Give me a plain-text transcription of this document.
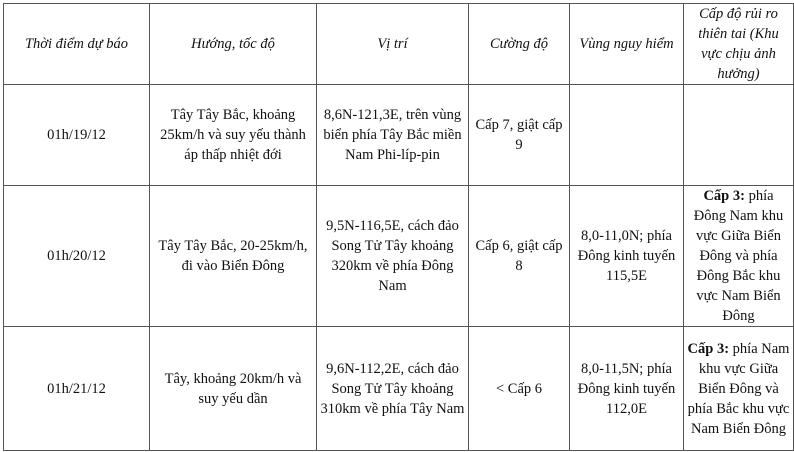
Thời điểm dự báo	Hướng, tốc độ	Vị trí	Cường độ	Vùng nguy hiểm	Cấp độ rủi ro thiên tai (Khu vực chịu ảnh hưởng)
01h/19/12	Tây Tây Bắc, khoảng 25km/h và suy yếu thành áp thấp nhiệt đới	8,6N-121,3E, trên vùng biển phía Tây Bắc miền Nam Phi-líp-pin	Cấp 7, giật cấp 9		
01h/20/12	Tây Tây Bắc, 20-25km/h, đi vào Biển Đông	9,5N-116,5E, cách đảo Song Tử Tây khoảng 320km về phía Đông Nam	Cấp 6, giật cấp 8	8,0-11,0N; phía Đông kinh tuyến 115,5E	Cấp 3: phía Đông Nam khu vực Giữa Biển Đông và phía Đông Bắc khu vực Nam Biển Đông
01h/21/12	Tây, khoảng 20km/h và suy yếu dần	9,6N-112,2E, cách đảo Song Tử Tây khoảng 310km về phía Tây Nam	< Cấp 6	8,0-11,5N; phía Đông kinh tuyến 112,0E	Cấp 3: phía Nam khu vực Giữa Biển Đông và phía Bắc khu vực Nam Biển Đông
